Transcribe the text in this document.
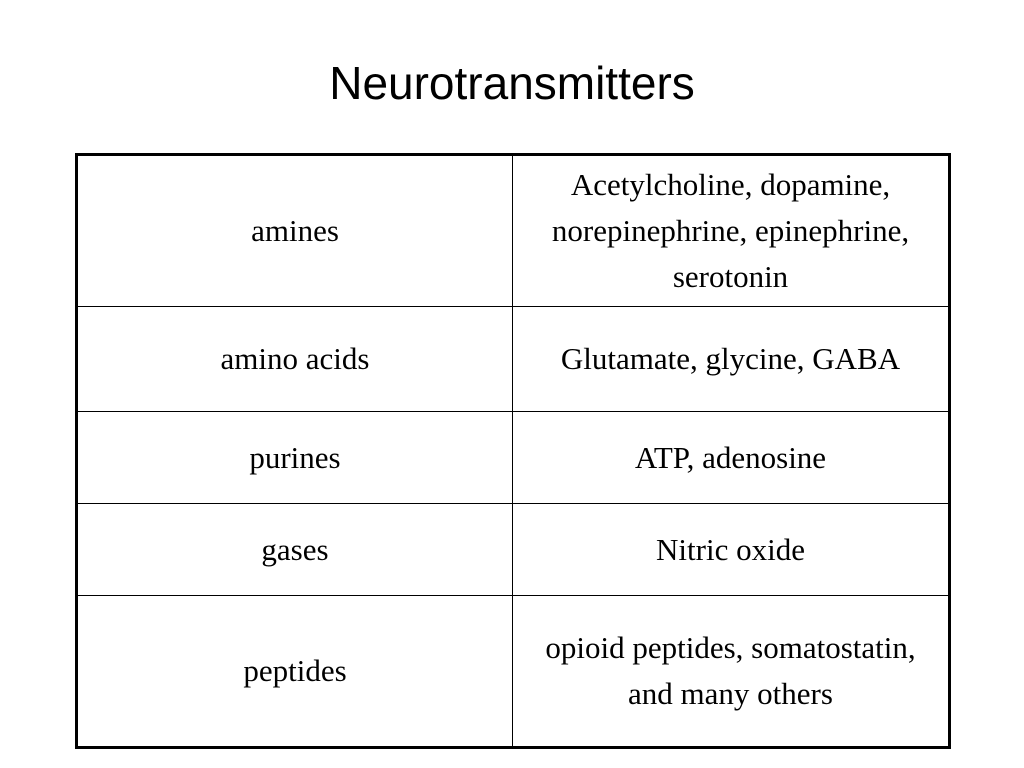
Neurotransmitters
amines	Acetylcholine, dopamine, norepinephrine, epinephrine, serotonin
amino acids	Glutamate, glycine, GABA
purines	ATP, adenosine
gases	Nitric oxide
peptides	opioid peptides, somatostatin, and many others
